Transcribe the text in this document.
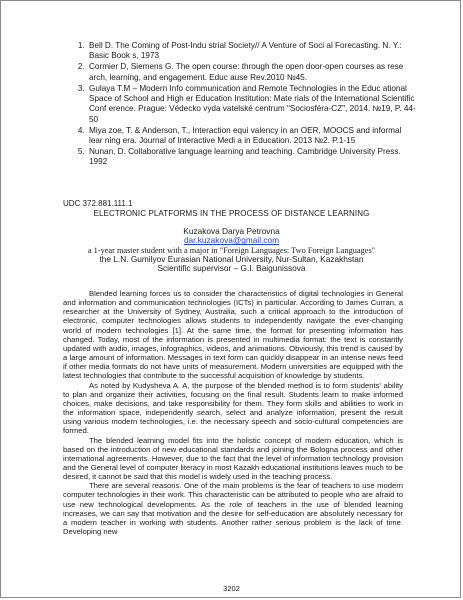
1. Bell D. The Coming of Post-Indu strial Society// A Venture of Soci al Forecasting. N. Y.: Basic Book s, 1973
2. Cormier D, Siemens G. The open course: through the open door-open courses as rese arch, learning, and engagement. Educ ause Rev.2010 №45.
3. Gulaya T.M – Modern Info communication and Remote Technologies in the Educ ational Space of School and High er Education Institution: Mate rials of the International Scientific Conf erence. Prague: Védecko vyda vatelské centrum "Sociosféra-CZ", 2014. №19, P. 44-50
4. Miya zoe, T. & Anderson, T., Interaction equi valency in an OER, MOOCS and informal lear ning era. Journal of Interactive Medi a in Education. 2013 №2. P.1-15
5. Nunan, D. Collaborative language learning and teaching. Cambridge University Press. 1992
UDC 372.881.111.1
ELECTRONIC PLATFORMS IN THE PROCESS OF DISTANCE LEARNING
Kuzakova Darya Petrovna
dar.kuzakova@gmail.com
a 1-year master student with a major in "Foreign Languages: Two Foreign Languages"
the L.N. Gumilyov Eurasian National University, Nur-Sultan, Kazakhstan
Scientific supervisor – G.I. Baigunissova

Blended learning forces us to consider the characteristics of digital technologies in General and information and communication technologies (ICTs) in particular. According to James Curran, a researcher at the University of Sydney, Australia, such a critical approach to the introduction of electronic, computer technologies allows students to independently navigate the ever-changing world of modern technologies [1]. At the same time, the format for presenting information has changed. Today, most of the information is presented in multimedia format: the text is constantly updated with audio, images, infographics, videos, and animations. Obviously, this trend is caused by a large amount of information. Messages in text form can quickly disappear in an intense news feed if other media formats do not have units of measurement. Modern universities are equipped with the latest technologies that contribute to the successful acquisition of knowledge by students.

As noted by Kudysheva A. A, the purpose of the blended method is to form students' ability to plan and organize their activities, focusing on the final result. Students learn to make informed choices, make decisions, and take responsibility for them. They form skills and abilities to work in the information space, independently search, select and analyze information, present the result using various modern technologies, i.e. the necessary speech and socio-cultural competencies are formed.

The blended learning model fits into the holistic concept of modern education, which is based on the introduction of new educational standards and joining the Bologna process and other international agreements. However, due to the fact that the level of information technology provision and the General level of computer literacy in most Kazakh educational institutions leaves much to be desired, it cannot be said that this model is widely used in the teaching process.

There are several reasons. One of the main problems is the fear of teachers to use modern computer technologies in their work. This characteristic can be attributed to people who are afraid to use new technological developments. As the role of teachers in the use of blended learning increases, we can say that motivation and the desire for self-education are absolutely necessary for a modern teacher in working with students. Another rather serious problem is the lack of time. Developing new

3202
